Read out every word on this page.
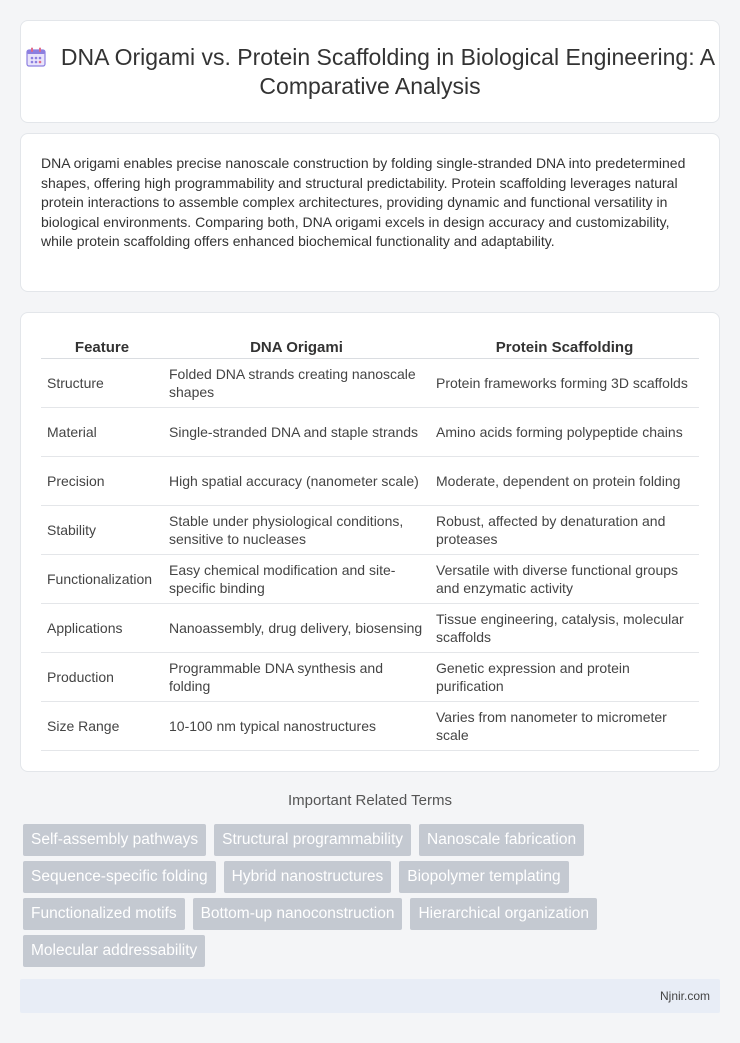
DNA Origami vs. Protein Scaffolding in Biological Engineering: A Comparative Analysis

DNA origami enables precise nanoscale construction by folding single-stranded DNA into predetermined shapes, offering high programmability and structural predictability. Protein scaffolding leverages natural protein interactions to assemble complex architectures, providing dynamic and functional versatility in biological environments. Comparing both, DNA origami excels in design accuracy and customizability, while protein scaffolding offers enhanced biochemical functionality and adaptability.

Feature	DNA Origami	Protein Scaffolding
Structure	Folded DNA strands creating nanoscale shapes	Protein frameworks forming 3D scaffolds
Material	Single-stranded DNA and staple strands	Amino acids forming polypeptide chains
Precision	High spatial accuracy (nanometer scale)	Moderate, dependent on protein folding
Stability	Stable under physiological conditions, sensitive to nucleases	Robust, affected by denaturation and proteases
Functionalization	Easy chemical modification and site-specific binding	Versatile with diverse functional groups and enzymatic activity
Applications	Nanoassembly, drug delivery, biosensing	Tissue engineering, catalysis, molecular scaffolds
Production	Programmable DNA synthesis and folding	Genetic expression and protein purification
Size Range	10-100 nm typical nanostructures	Varies from nanometer to micrometer scale
Important Related Terms
Self-assembly pathways	Structural programmability	Nanoscale fabrication
Sequence-specific folding	Hybrid nanostructures	Biopolymer templating
Functionalized motifs	Bottom-up nanoconstruction	Hierarchical organization
Molecular addressability
Njnir.com
